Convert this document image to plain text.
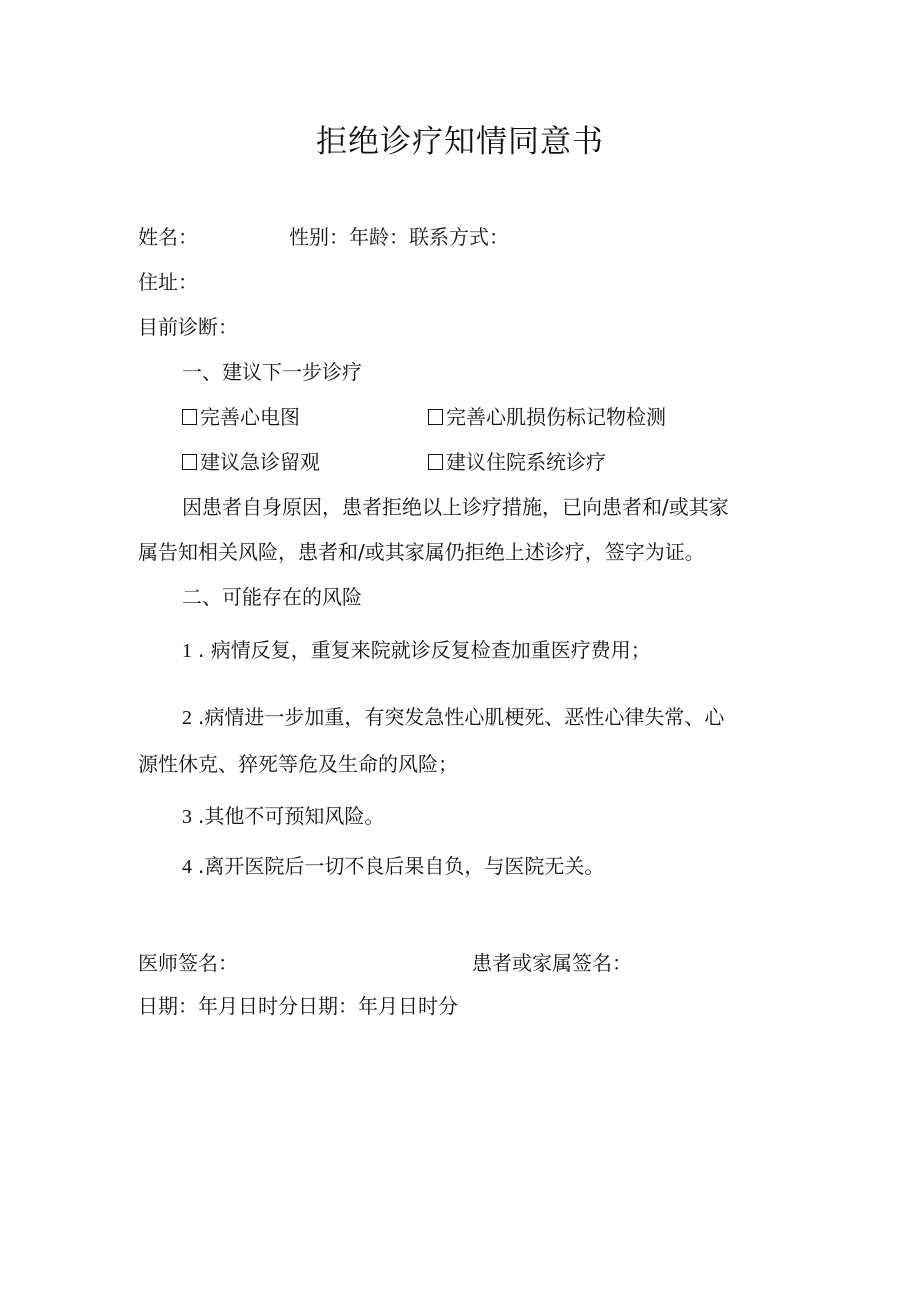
拒绝诊疗知情同意书
姓名：	性别：年龄：联系方式：
住址：
目前诊断：
一、建议下一步诊疗
完善心电图	完善心肌损伤标记物检测
建议急诊留观	建议住院系统诊疗
因患者自身原因，患者拒绝以上诊疗措施，已向患者和/或其家
属告知相关风险，患者和/或其家属仍拒绝上述诊疗，签字为证。
二、可能存在的风险
1 . 病情反复，重复来院就诊反复检查加重医疗费用；
2 .病情进一步加重，有突发急性心肌梗死、恶性心律失常、心
源性休克、猝死等危及生命的风险；
3 .其他不可预知风险。
4 .离开医院后一切不良后果自负，与医院无关。
医师签名：	患者或家属签名：
日期：年月日时分日期：年月日时分
